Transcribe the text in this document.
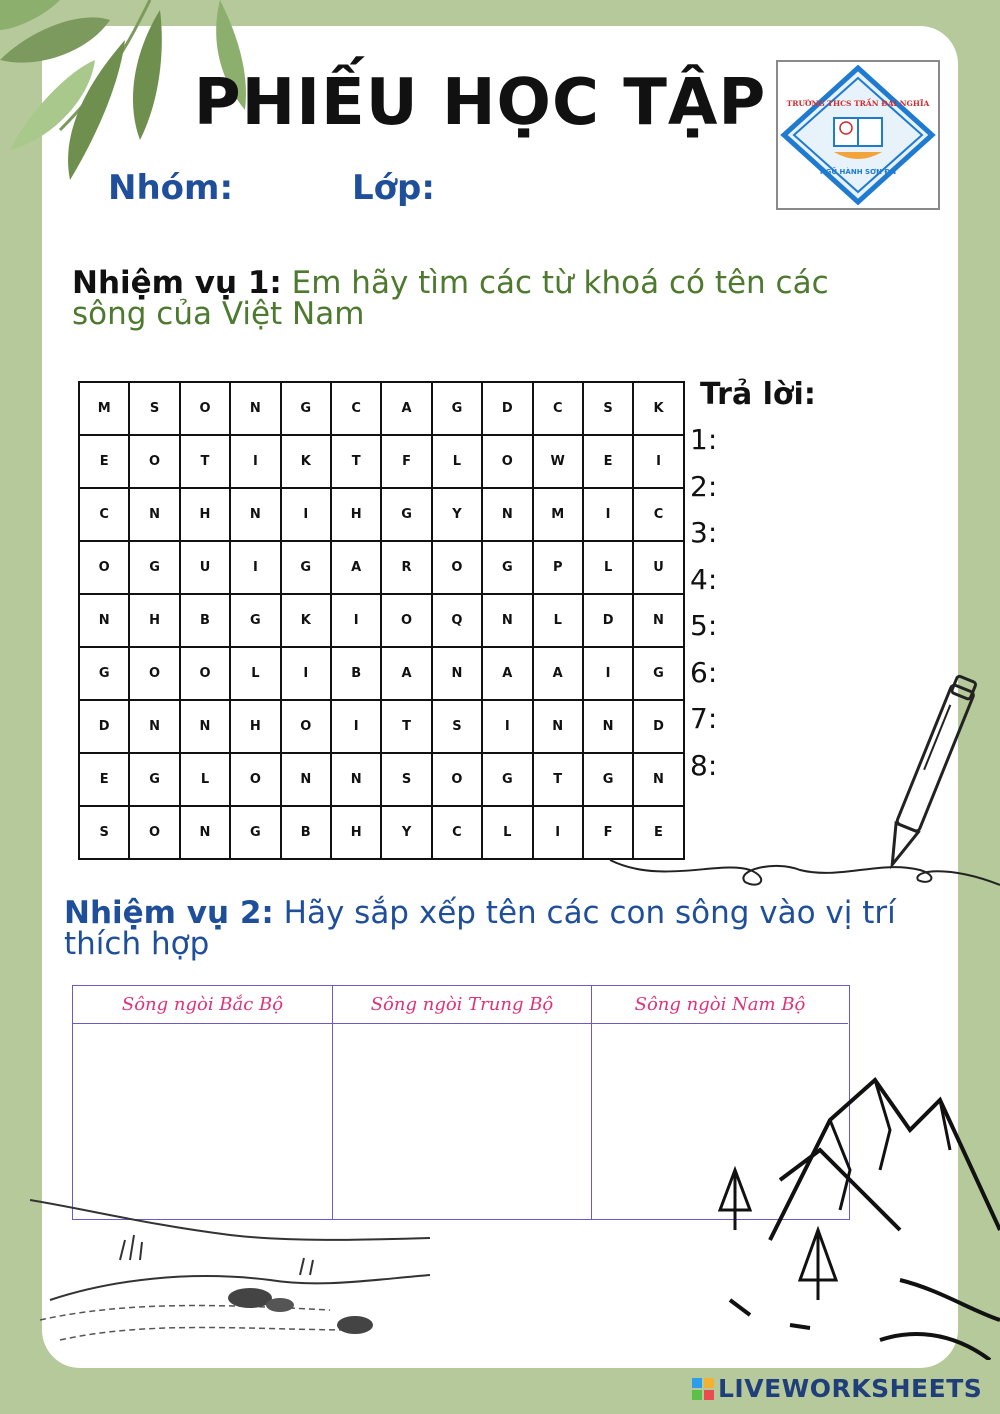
PHIẾU HỌC TẬP	TRƯỜNG THCS TRẦN ĐẠI NGHĨA
NGŨ HÀNH SƠN ĐN
Nhóm:	Lớp:
Nhiệm vụ 1: Em hãy tìm các từ khoá có tên các sông của Việt Nam
M	S	O	N	G	C	A	G	D	C	S	K
E	O	T	I	K	T	F	L	O	W	E	I
C	N	H	N	I	H	G	Y	N	M	I	C
O	G	U	I	G	A	R	O	G	P	L	U
N	H	B	G	K	I	O	Q	N	L	D	N
G	O	O	L	I	B	A	N	A	A	I	G
D	N	N	H	O	I	T	S	I	N	N	D
E	G	L	O	N	N	S	O	G	T	G	N
S	O	N	G	B	H	Y	C	L	I	F	E
Trả lời:
1:
2:
3:
4:
5:
6:
7:
8:
Nhiệm vụ 2: Hãy sắp xếp tên các con sông vào vị trí thích hợp
Sông ngòi Bắc Bộ	Sông ngòi Trung Bộ	Sông ngòi Nam Bộ
LIVEWORKSHEETS
